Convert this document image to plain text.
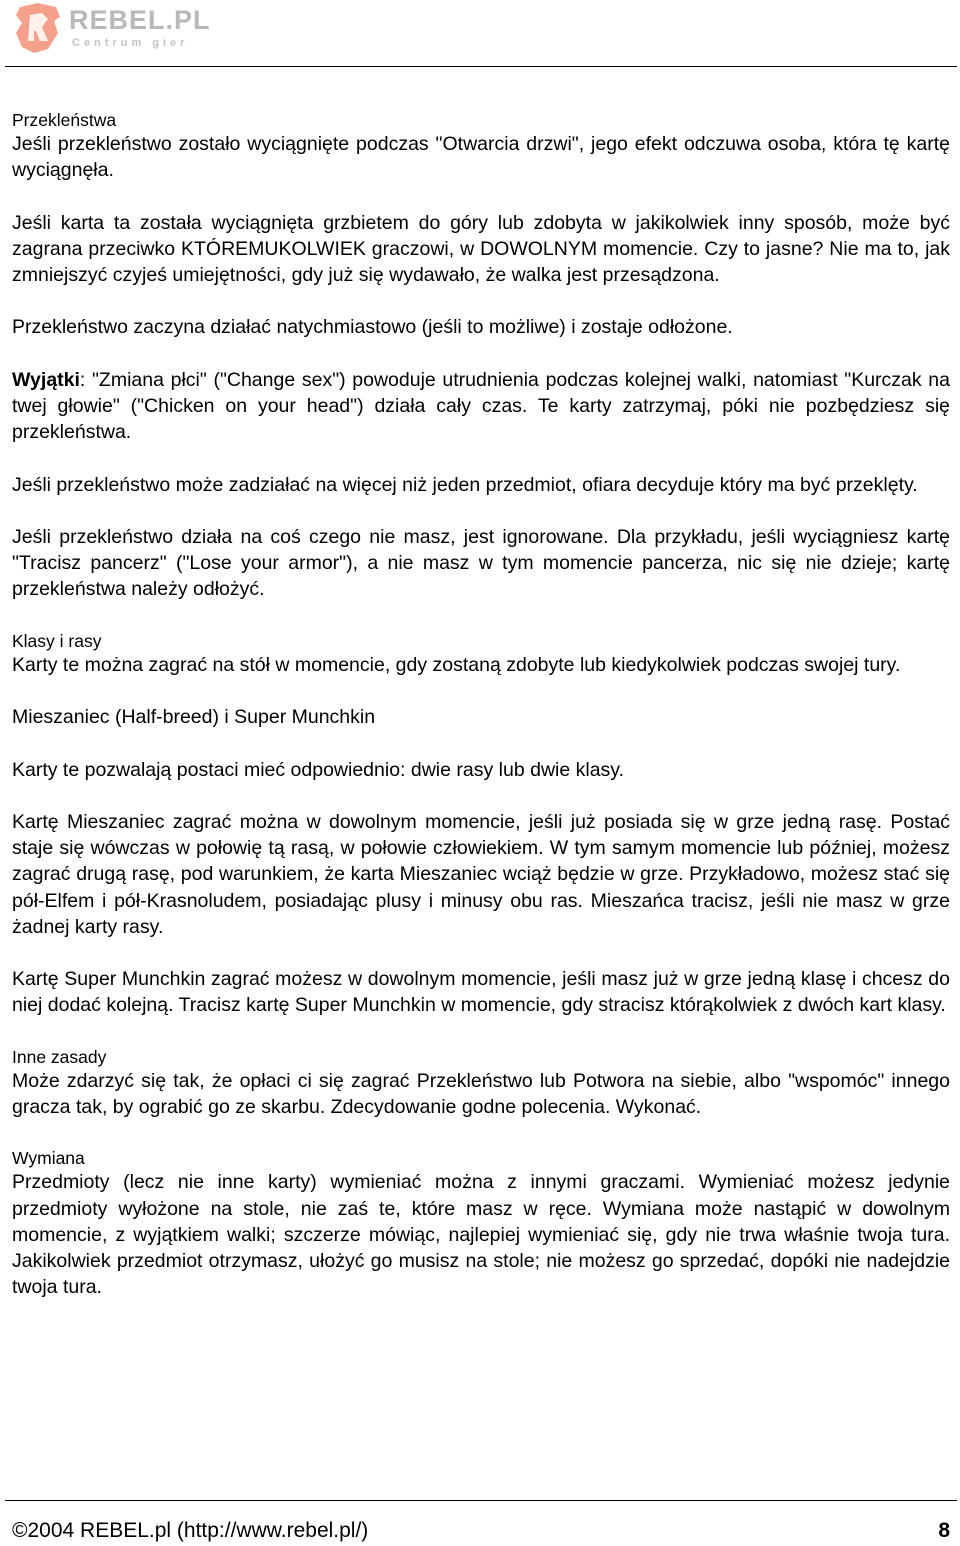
REBEL.PL
Centrum gier
Przekleństwa

Jeśli przekleństwo zostało wyciągnięte podczas "Otwarcia drzwi", jego efekt odczuwa osoba, która tę kartę wyciągnęła.

Jeśli karta ta została wyciągnięta grzbietem do góry lub zdobyta w jakikolwiek inny sposób, może być zagrana przeciwko KTÓREMUKOLWIEK graczowi, w DOWOLNYM momencie. Czy to jasne? Nie ma to, jak zmniejszyć czyjeś umiejętności, gdy już się wydawało, że walka jest przesądzona.

Przekleństwo zaczyna działać natychmiastowo (jeśli to możliwe) i zostaje odłożone.

Wyjątki: "Zmiana płci" ("Change sex") powoduje utrudnienia podczas kolejnej walki, natomiast "Kurczak na twej głowie" ("Chicken on your head") działa cały czas. Te karty zatrzymaj, póki nie pozbędziesz się przekleństwa.

Jeśli przekleństwo może zadziałać na więcej niż jeden przedmiot, ofiara decyduje który ma być przeklęty.

Jeśli przekleństwo działa na coś czego nie masz, jest ignorowane. Dla przykładu, jeśli wyciągniesz kartę "Tracisz pancerz" ("Lose your armor"), a nie masz w tym momencie pancerza, nic się nie dzieje; kartę przekleństwa należy odłożyć.

Klasy i rasy

Karty te można zagrać na stół w momencie, gdy zostaną zdobyte lub kiedykolwiek podczas swojej tury.

Mieszaniec (Half-breed) i Super Munchkin

Karty te pozwalają postaci mieć odpowiednio: dwie rasy lub dwie klasy.

Kartę Mieszaniec zagrać można w dowolnym momencie, jeśli już posiada się w grze jedną rasę. Postać staje się wówczas w połowię tą rasą, w połowie człowiekiem. W tym samym momencie lub później, możesz zagrać drugą rasę, pod warunkiem, że karta Mieszaniec wciąż będzie w grze. Przykładowo, możesz stać się pół-Elfem i pół-Krasnoludem, posiadając plusy i minusy obu ras. Mieszańca tracisz, jeśli nie masz w grze żadnej karty rasy.

Kartę Super Munchkin zagrać możesz w dowolnym momencie, jeśli masz już w grze jedną klasę i chcesz do niej dodać kolejną. Tracisz kartę Super Munchkin w momencie, gdy stracisz którąkolwiek z dwóch kart klasy.

Inne zasady

Może zdarzyć się tak, że opłaci ci się zagrać Przekleństwo lub Potwora na siebie, albo "wspomóc" innego gracza tak, by ograbić go ze skarbu. Zdecydowanie godne polecenia. Wykonać.

Wymiana

Przedmioty (lecz nie inne karty) wymieniać można z innymi graczami. Wymieniać możesz jedynie przedmioty wyłożone na stole, nie zaś te, które masz w ręce. Wymiana może nastąpić w dowolnym momencie, z wyjątkiem walki; szczerze mówiąc, najlepiej wymieniać się, gdy nie trwa właśnie twoja tura. Jakikolwiek przedmiot otrzymasz, ułożyć go musisz na stole; nie możesz go sprzedać, dopóki nie nadejdzie twoja tura.

©2004 REBEL.pl (http://www.rebel.pl/)	8
